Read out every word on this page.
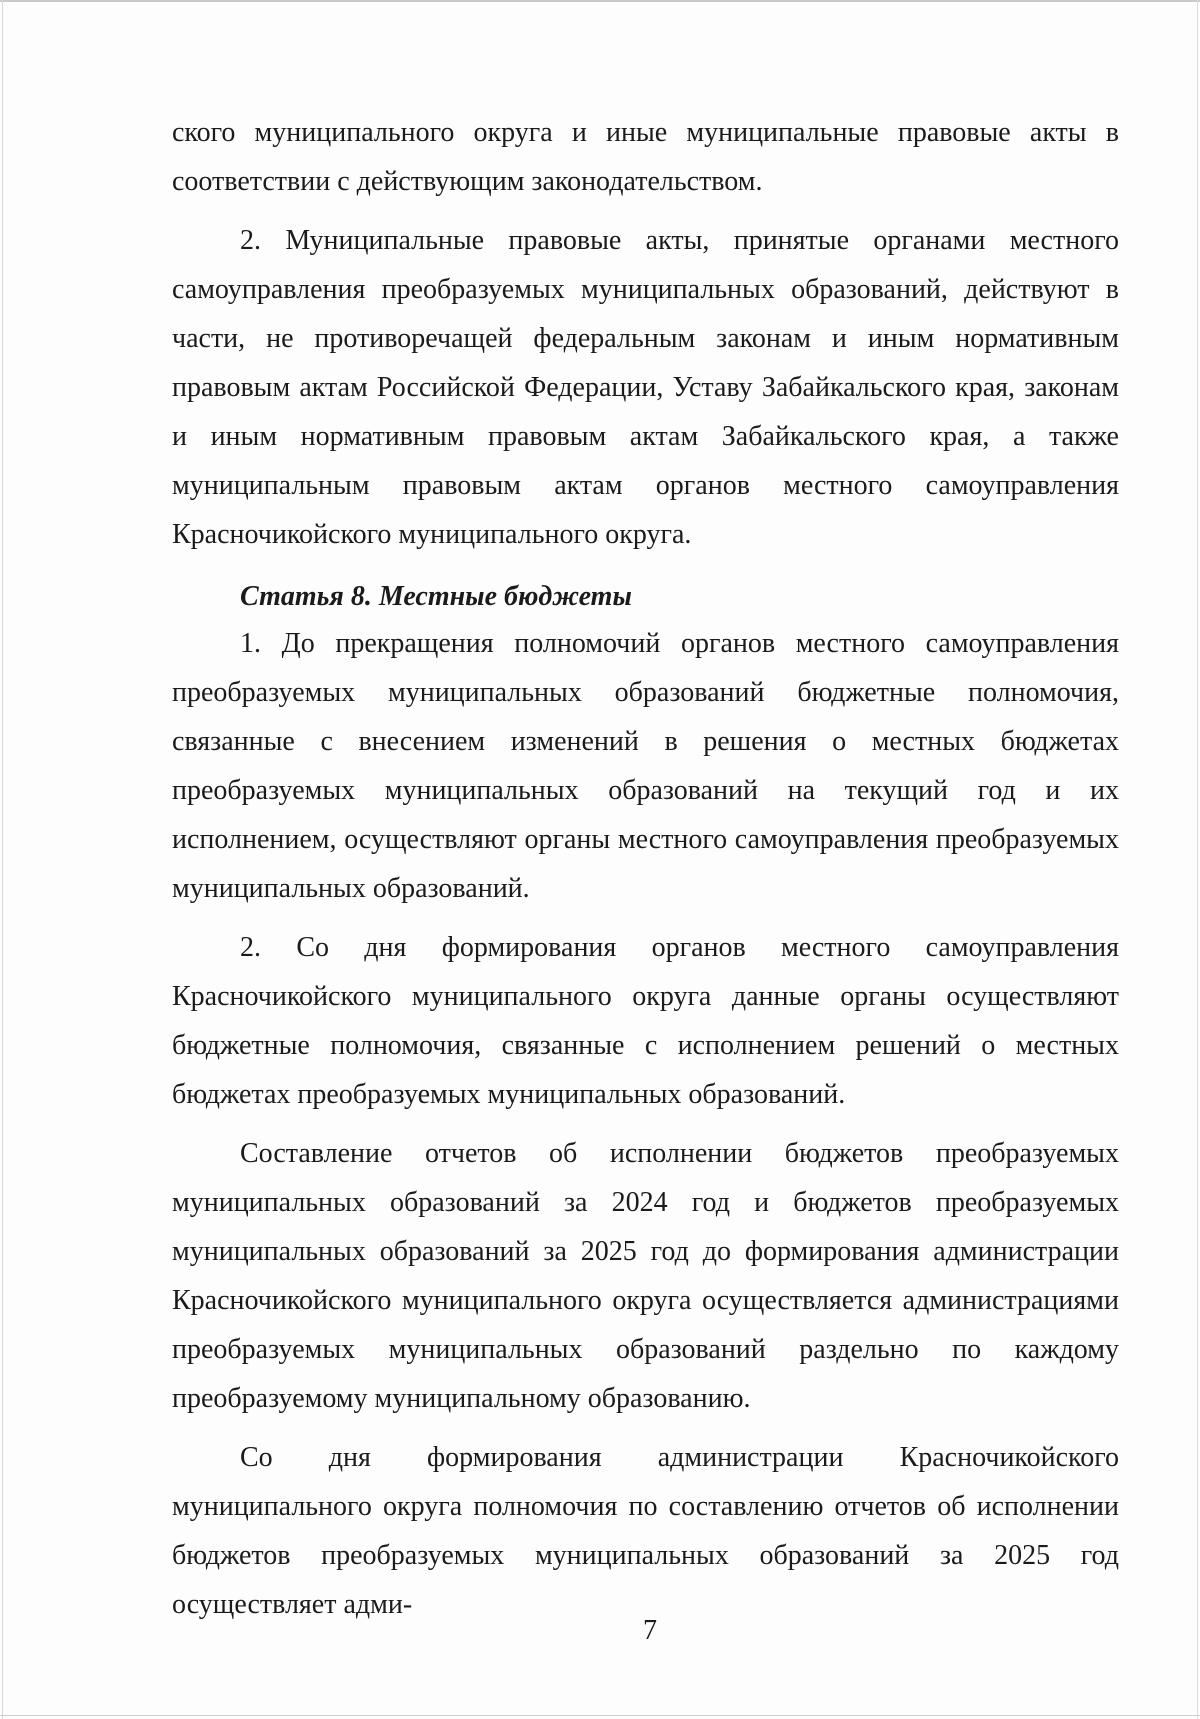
ского муниципального округа и иные муниципальные правовые акты в соответствии с действующим законодательством.

2. Муниципальные правовые акты, принятые органами местного самоуправления преобразуемых муниципальных образований, действуют в части, не противоречащей федеральным законам и иным нормативным правовым актам Российской Федерации, Уставу Забайкальского края, законам и иным нормативным правовым актам Забайкальского края, а также муниципальным правовым актам органов местного самоуправления Красночикойского муниципального округа.

Статья 8. Местные бюджеты

1. До прекращения полномочий органов местного самоуправления преобразуемых муниципальных образований бюджетные полномочия, связанные с внесением изменений в решения о местных бюджетах преобразуемых муниципальных образований на текущий год и их исполнением, осуществляют органы местного самоуправления преобразуемых муниципальных образований.

2. Со дня формирования органов местного самоуправления Красночикойского муниципального округа данные органы осуществляют бюджетные полномочия, связанные с исполнением решений о местных бюджетах преобразуемых муниципальных образований.

Составление отчетов об исполнении бюджетов преобразуемых муниципальных образований за 2024 год и бюджетов преобразуемых муниципальных образований за 2025 год до формирования администрации Красночикойского муниципального округа осуществляется администрациями преобразуемых муниципальных образований раздельно по каждому преобразуемому муниципальному образованию.

Со дня формирования администрации Красночикойского муниципального округа полномочия по составлению отчетов об исполнении бюджетов преобразуемых муниципальных образований за 2025 год осуществляет адми-

7
